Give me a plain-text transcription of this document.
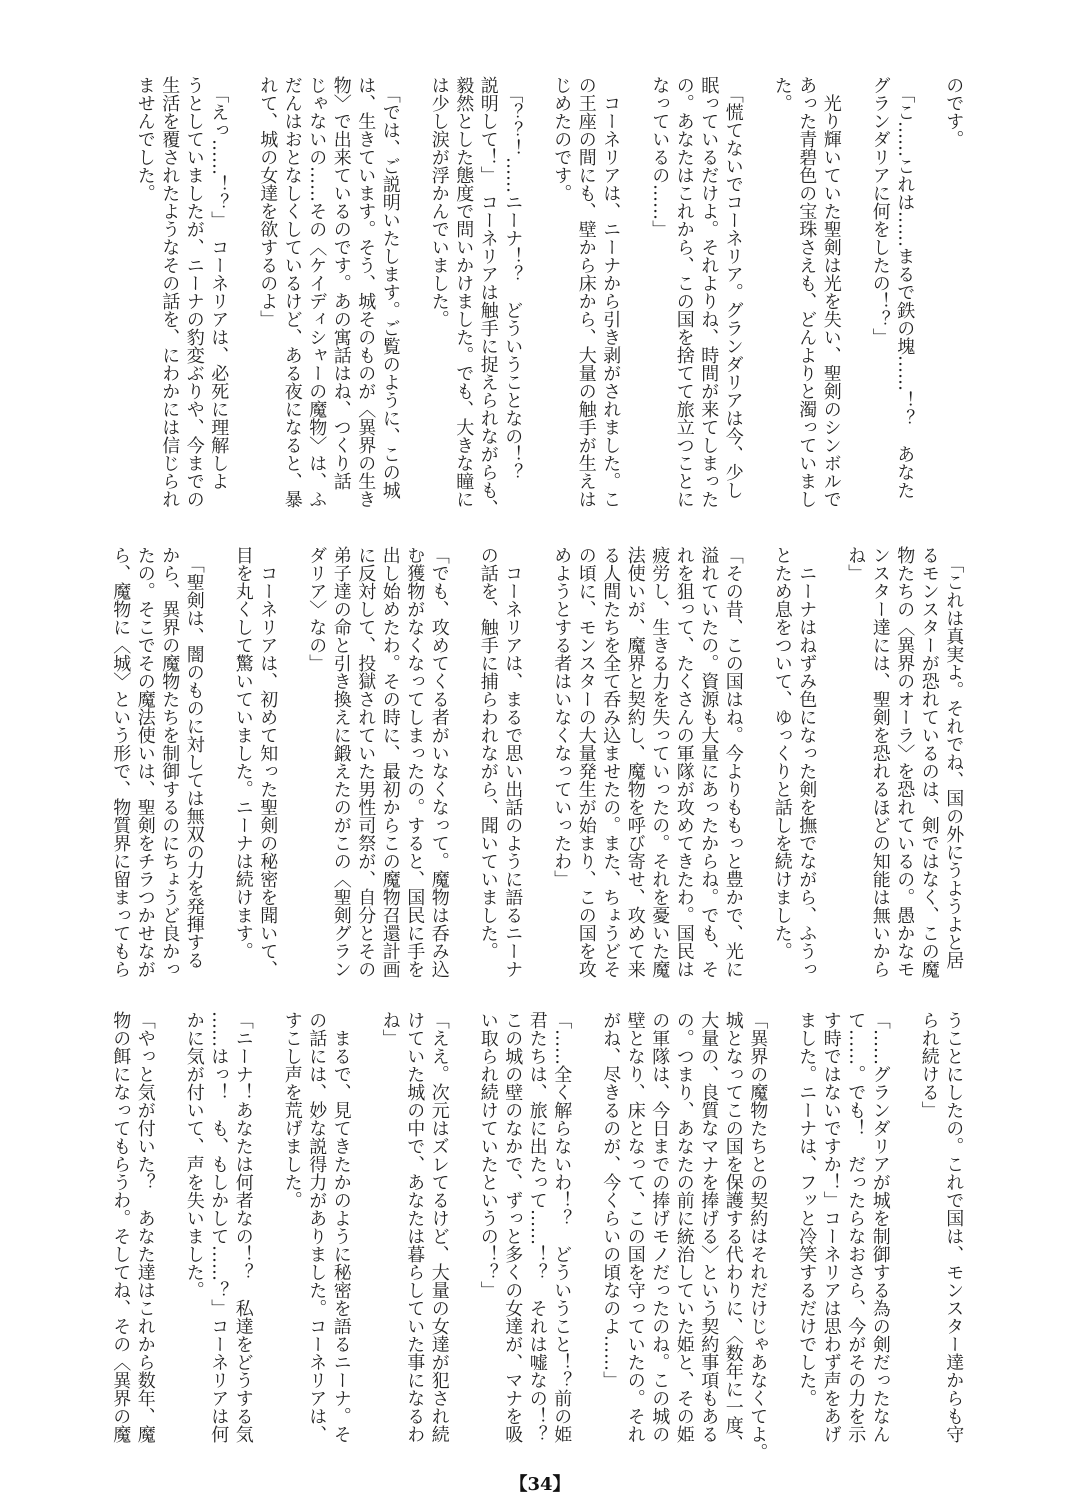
のです。
　「こ……これは……まるで鉄の塊……！？　あなた
グランダリアに何をしたの！？」
　光り輝いていた聖剣は光を失い、聖剣のシンボルで
あった青碧色の宝珠さえも、どんよりと濁っていまし
た。
　「慌てないでコーネリア。グランダリアは今、少し
眠っているだけよ。それよりね、時間が来てしまった
の。あなたはこれから、この国を捨てて旅立つことに
なっているの……」
　コーネリアは、ニーナから引き剥がされました。こ
の王座の間にも、壁から床から、大量の触手が生えは
じめたのです。
　「？？！……ニーナ！？　どういうことなの！？
説明して！」　コーネリアは触手に捉えられながらも、
毅然とした態度で問いかけました。でも、大きな瞳に
は少し涙が浮かんでいました。
　「では、ご説明いたします。ご覧のように、この城
は、生きています。そう、城そのものが〈異界の生き
物〉で出来ているのです。あの寓話はね、つくり話
じゃないの……その〈ケイディシャーの魔物〉は、ふ
だんはおとなしくしているけど、ある夜になると、暴
れて、城の女達を欲するのよ」
　「えっ……！？」　コーネリアは、必死に理解しよ
うとしていましたが、ニーナの豹変ぶりや、今までの
生活を覆されたようなその話を、にわかには信じられ
ませんでした。
　「これは真実よ。それでね、国の外にうようよと居
るモンスターが恐れているのは、剣ではなく、この魔
物たちの〈異界のオーラ〉を恐れているの。愚かなモ
ンスター達には、聖剣を恐れるほどの知能は無いから
ね」
　ニーナはねずみ色になった剣を撫でながら、ふうっ
とため息をついて、ゆっくりと話しを続けました。
「その昔、この国はね。今よりももっと豊かで、光に
溢れていたの。資源も大量にあったからね。でも、そ
れを狙って、たくさんの軍隊が攻めてきたわ。国民は
疲労し、生きる力を失っていったの。それを憂いた魔
法使いが、魔界と契約し、魔物を呼び寄せ、攻めて来
る人間たちを全て呑み込ませたの。また、ちょうどそ
の頃に、モンスターの大量発生が始まり、この国を攻
めようとする者はいなくなっていったわ」
　コーネリアは、まるで思い出話のように語るニーナ
の話を、触手に捕らわれながら、聞いていました。
「でも、攻めてくる者がいなくなって。魔物は呑み込
む獲物がなくなってしまったの。すると、国民に手を
出し始めたわ。その時に、最初からこの魔物召還計画
に反対して、投獄されていた男性司祭が、自分とその
弟子達の命と引き換えに鍛えたのがこの〈聖剣グラン
ダリア〉なの」
　コーネリアは、初めて知った聖剣の秘密を聞いて、
目を丸くして驚いていました。ニーナは続けます。
　「聖剣は、闇のものに対しては無双の力を発揮する
から、異界の魔物たちを制御するのにちょうど良かっ
たの。そこでその魔法使いは、聖剣をチラつかせなが
ら、魔物に〈城〉という形で、物質界に留まってもら
うことにしたの。これで国は、モンスター達からも守
られ続ける」
「……グランダリアが城を制御する為の剣だったなん
て……。でも！　だったらなおさら、今がその力を示
す時ではないですか！」コーネリアは思わず声をあげ
ました。ニーナは、フッと冷笑するだけでした。
「異界の魔物たちとの契約はそれだけじゃあなくてよ。
城となってこの国を保護する代わりに、〈数年に一度、
大量の、良質なマナを捧げる〉という契約事項もある
の。つまり、あなたの前に統治していた姫と、その姫
の軍隊は、今日までの捧げモノだったのね。この城の
壁となり、床となって、この国を守っていたの。それ
がね、尽きるのが、今くらいの頃なのよ……」
「……全く解らないわ！？　どういうこと！？前の姫
君たちは、旅に出たって……！？　それは嘘なの！？
この城の壁のなかで、ずっと多くの女達が、マナを吸
い取られ続けていたというの！？」
「ええ。次元はズレてるけど、大量の女達が犯され続
けていた城の中で、あなたは暮らしていた事になるわ
ね」
　まるで、見てきたかのように秘密を語るニーナ。そ
の話には、妙な説得力がありました。コーネリアは、
すこし声を荒げました。
「ニーナ！あなたは何者なの！？　私達をどうする気
……はっ！　も、もしかして……？」コーネリアは何
かに気が付いて、声を失いました。
「やっと気が付いた？　あなた達はこれから数年、魔
物の餌になってもらうわ。そしてね、その〈異界の魔
【34】
